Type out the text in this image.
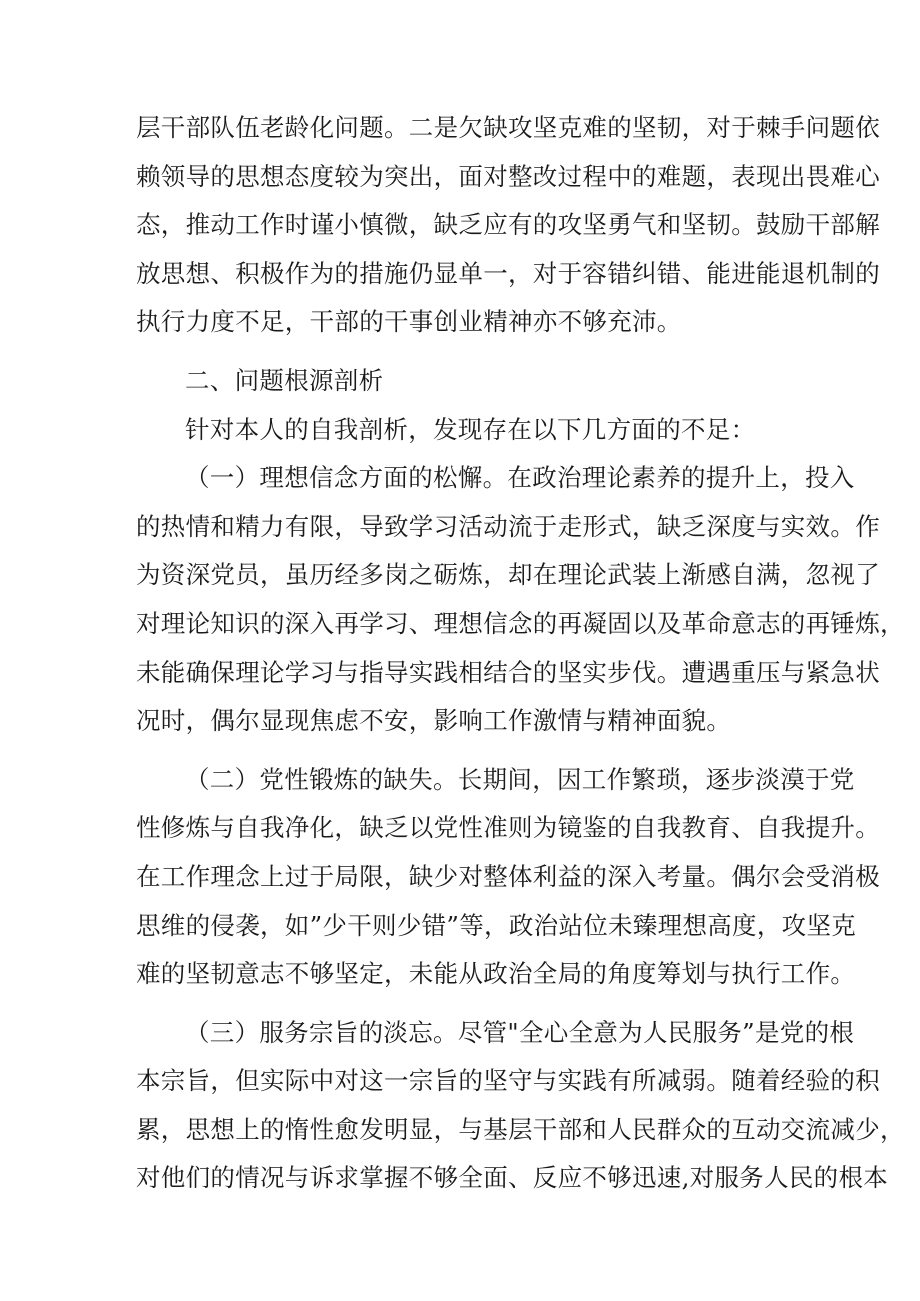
层干部队伍老龄化问题。二是欠缺攻坚克难的坚韧，对于棘手问题依
赖领导的思想态度较为突出，面对整改过程中的难题，表现出畏难心
态，推动工作时谨小慎微，缺乏应有的攻坚勇气和坚韧。鼓励干部解
放思想、积极作为的措施仍显单一，对于容错纠错、能进能退机制的
执行力度不足，干部的干事创业精神亦不够充沛。
二、问题根源剖析
针对本人的自我剖析，发现存在以下几方面的不足：
（一）理想信念方面的松懈。在政治理论素养的提升上，投入
的热情和精力有限，导致学习活动流于走形式，缺乏深度与实效。作
为资深党员，虽历经多岗之砺炼，却在理论武装上渐感自满，忽视了
对理论知识的深入再学习、理想信念的再凝固以及革命意志的再锤炼，
未能确保理论学习与指导实践相结合的坚实步伐。遭遇重压与紧急状
况时，偶尔显现焦虑不安，影响工作激情与精神面貌。
（二）党性锻炼的缺失。长期间，因工作繁琐，逐步淡漠于党
性修炼与自我净化，缺乏以党性准则为镜鉴的自我教育、自我提升。
在工作理念上过于局限，缺少对整体利益的深入考量。偶尔会受消极
思维的侵袭，如”少干则少错”等，政治站位未臻理想高度，攻坚克
难的坚韧意志不够坚定，未能从政治全局的角度筹划与执行工作。
（三）服务宗旨的淡忘。尽管"全心全意为人民服务”是党的根
本宗旨，但实际中对这一宗旨的坚守与实践有所减弱。随着经验的积
累，思想上的惰性愈发明显，与基层干部和人民群众的互动交流减少，
对他们的情况与诉求掌握不够全面、反应不够迅速,对服务人民的根本
